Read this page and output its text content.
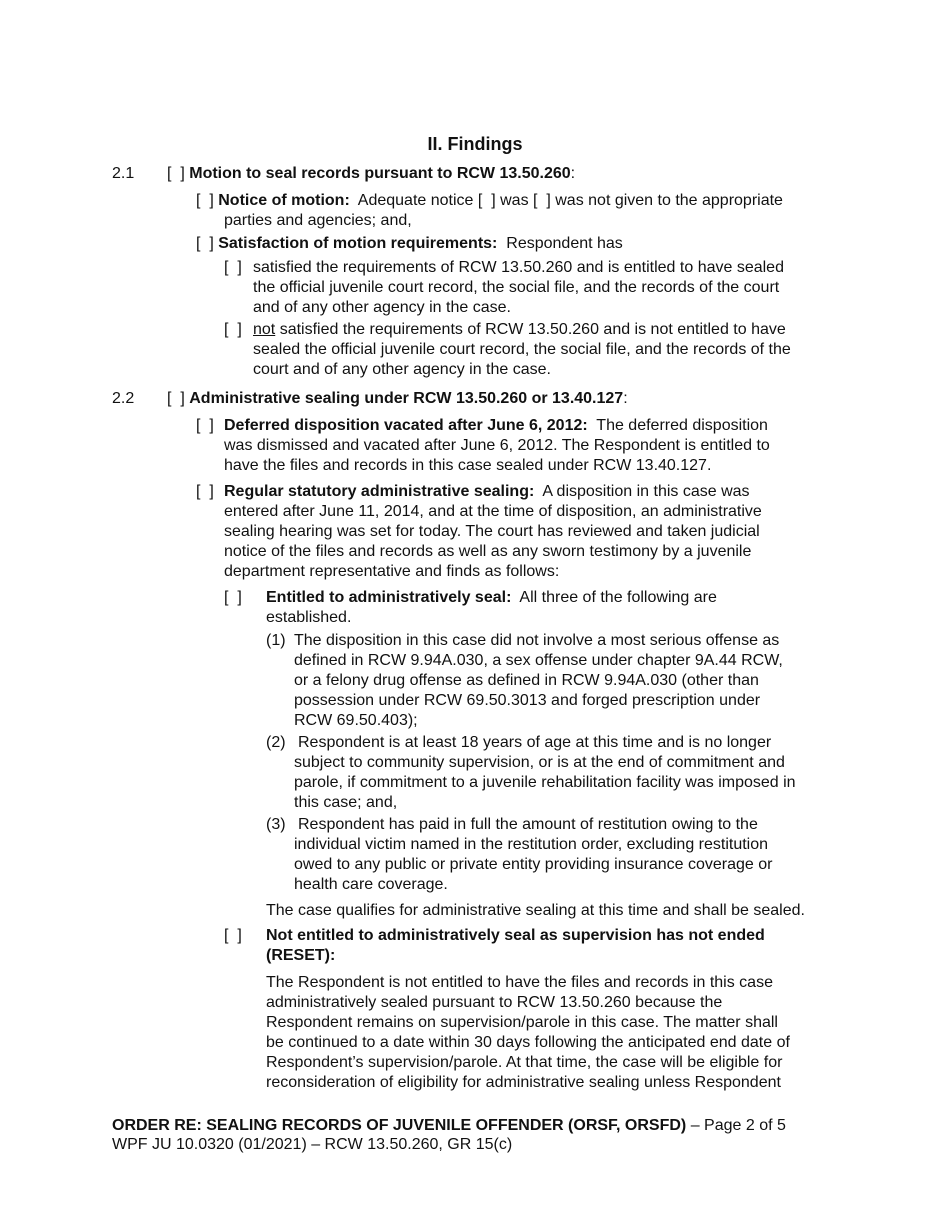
II. Findings
2.1 [  ] Motion to seal records pursuant to RCW 13.50.260:
[  ] Notice of motion:  Adequate notice [  ] was [  ] was not given to the appropriate
parties and agencies; and,
[  ] Satisfaction of motion requirements:  Respondent has
[  ] satisfied the requirements of RCW 13.50.260 and is entitled to have sealed
the official juvenile court record, the social file, and the records of the court
and of any other agency in the case.
[  ] not satisfied the requirements of RCW 13.50.260 and is not entitled to have
sealed the official juvenile court record, the social file, and the records of the
court and of any other agency in the case.
2.2 [  ] Administrative sealing under RCW 13.50.260 or 13.40.127:
[  ] Deferred disposition vacated after June 6, 2012:  The deferred disposition
was dismissed and vacated after June 6, 2012. The Respondent is entitled to
have the files and records in this case sealed under RCW 13.40.127.
[  ] Regular statutory administrative sealing:  A disposition in this case was
entered after June 11, 2014, and at the time of disposition, an administrative
sealing hearing was set for today. The court has reviewed and taken judicial
notice of the files and records as well as any sworn testimony by a juvenile
department representative and finds as follows:
[  ] Entitled to administratively seal:  All three of the following are
established.
(1) The disposition in this case did not involve a most serious offense as
defined in RCW 9.94A.030, a sex offense under chapter 9A.44 RCW,
or a felony drug offense as defined in RCW 9.94A.030 (other than
possession under RCW 69.50.3013 and forged prescription under
RCW 69.50.403);
(2) Respondent is at least 18 years of age at this time and is no longer
subject to community supervision, or is at the end of commitment and
parole, if commitment to a juvenile rehabilitation facility was imposed in
this case; and,
(3) Respondent has paid in full the amount of restitution owing to the
individual victim named in the restitution order, excluding restitution
owed to any public or private entity providing insurance coverage or
health care coverage.
The case qualifies for administrative sealing at this time and shall be sealed.
[  ] Not entitled to administratively seal as supervision has not ended
(RESET):
The Respondent is not entitled to have the files and records in this case
administratively sealed pursuant to RCW 13.50.260 because the
Respondent remains on supervision/parole in this case. The matter shall
be continued to a date within 30 days following the anticipated end date of
Respondent’s supervision/parole. At that time, the case will be eligible for
reconsideration of eligibility for administrative sealing unless Respondent
ORDER RE: SEALING RECORDS OF JUVENILE OFFENDER (ORSF, ORSFD) – Page 2 of 5
WPF JU 10.0320 (01/2021) – RCW 13.50.260, GR 15(c)
